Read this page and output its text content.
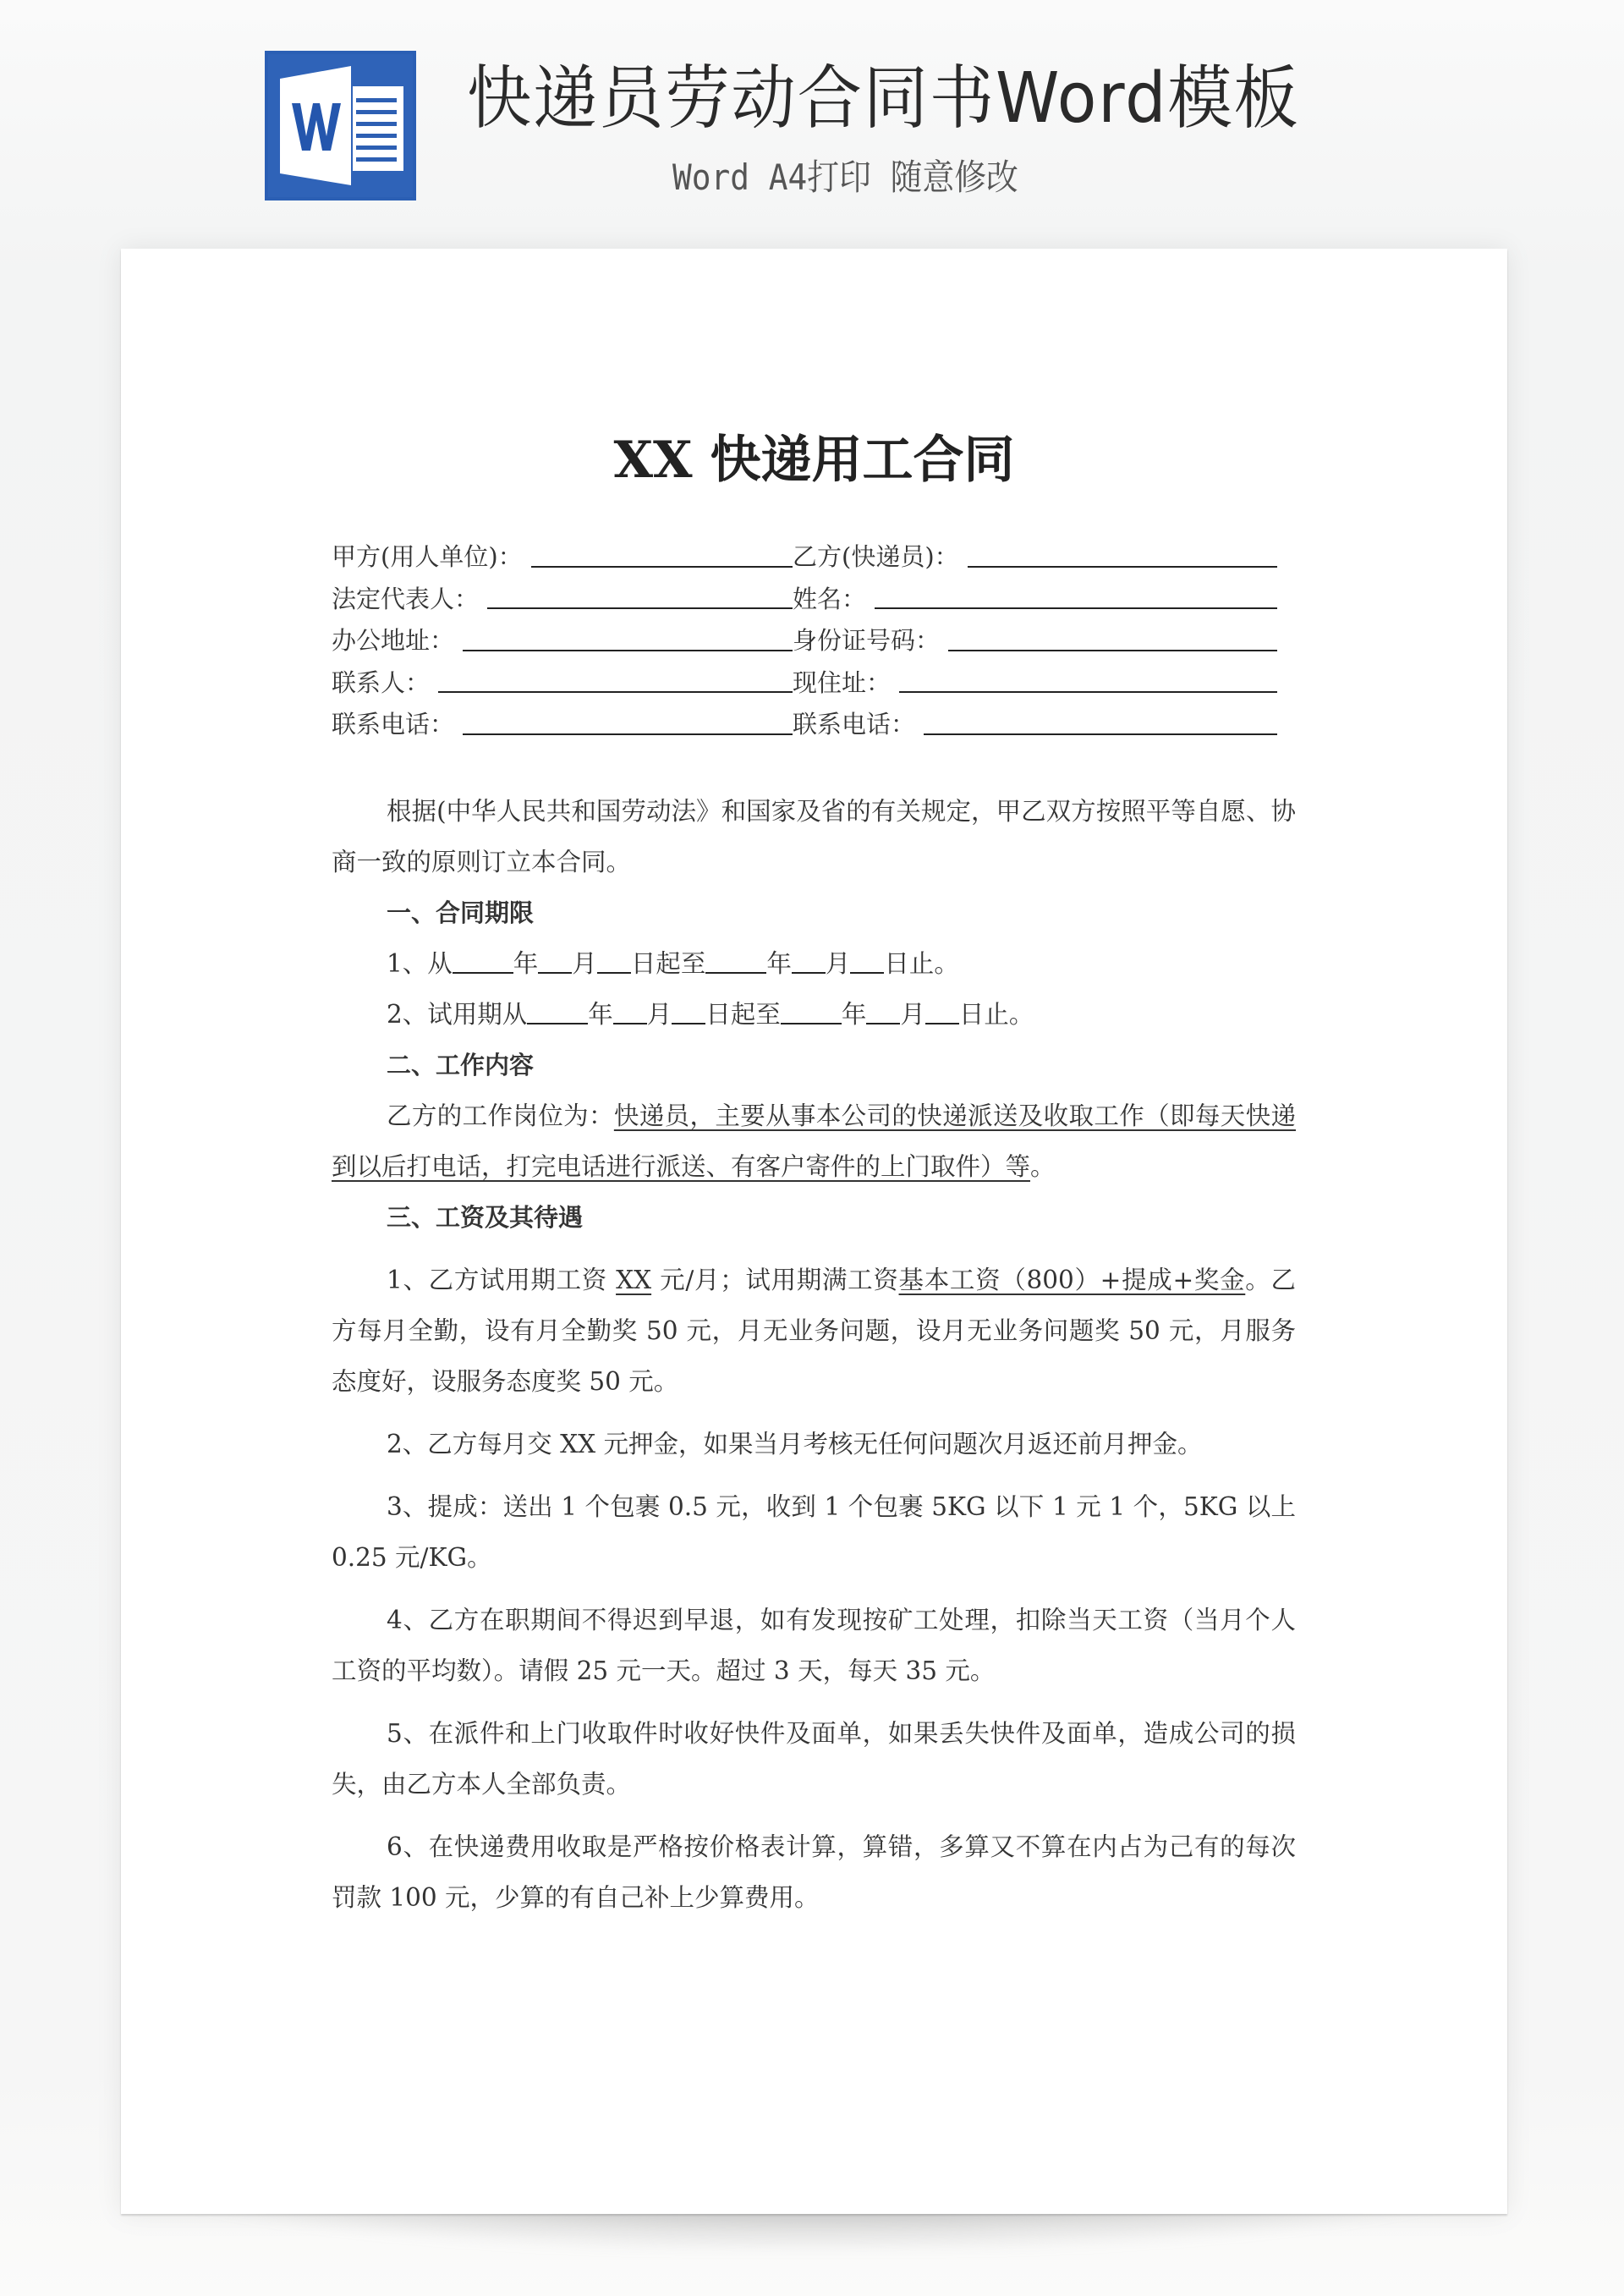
快递员劳动合同书Word模板
Word A4打印 随意修改
XX 快递用工合同
甲方(用人单位)：	乙方(快递员)：
法定代表人：	姓名：
办公地址：	身份证号码：
联系人：	现住址：
联系电话：	联系电话：

根据(中华人民共和国劳动法》和国家及省的有关规定，甲乙双方按照平等自愿、协商一致的原则订立本合同。

一、合同期限

1、从 年 月 日起至 年 月 日止。

2、试用期从 年 月 日起至 年 月 日止。

二、工作内容

乙方的工作岗位为：快递员，主要从事本公司的快递派送及收取工作（即每天快递到以后打电话，打完电话进行派送、有客户寄件的上门取件）等。

三、工资及其待遇

1、乙方试用期工资 XX 元/月；试用期满工资基本工资（800）+提成+奖金。乙方每月全勤，设有月全勤奖 50 元，月无业务问题，设月无业务问题奖 50 元，月服务态度好，设服务态度奖 50 元。

2、乙方每月交 XX 元押金，如果当月考核无任何问题次月返还前月押金。

3、提成：送出 1 个包裹 0.5 元，收到 1 个包裹 5KG 以下 1 元 1 个，5KG 以上 0.25 元/KG。

4、乙方在职期间不得迟到早退，如有发现按矿工处理，扣除当天工资（当月个人工资的平均数）。请假 25 元一天。超过 3 天，每天 35 元。

5、在派件和上门收取件时收好快件及面单，如果丢失快件及面单，造成公司的损失，由乙方本人全部负责。

6、在快递费用收取是严格按价格表计算，算错，多算又不算在内占为己有的每次罚款 100 元，少算的有自己补上少算费用。
